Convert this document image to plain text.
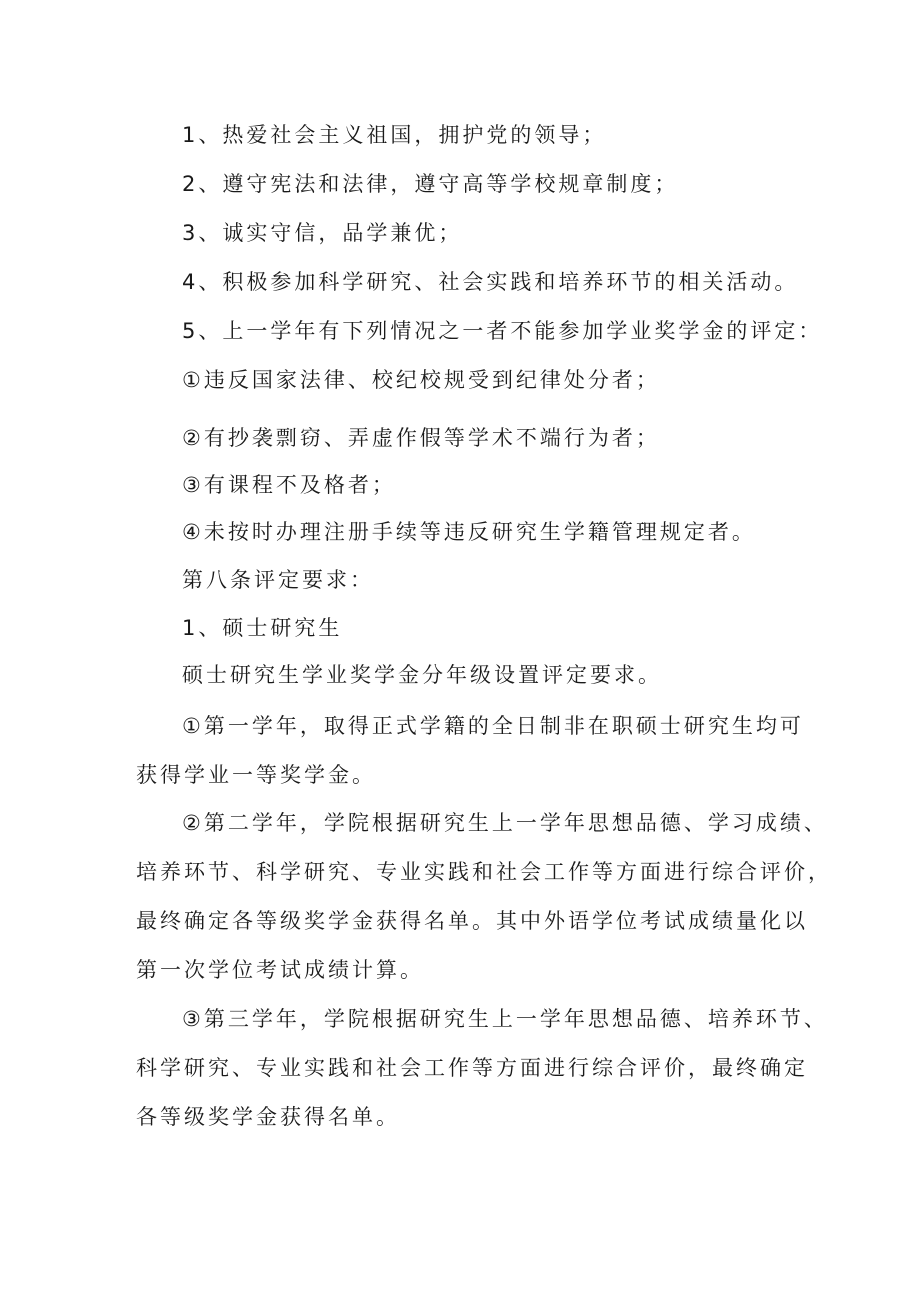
1、热爱社会主义祖国，拥护党的领导；
2、遵守宪法和法律，遵守高等学校规章制度；
3、诚实守信，品学兼优；
4、积极参加科学研究、社会实践和培养环节的相关活动。
5、上一学年有下列情况之一者不能参加学业奖学金的评定：
①违反国家法律、校纪校规受到纪律处分者；
②有抄袭剽窃、弄虚作假等学术不端行为者；
③有课程不及格者；
④未按时办理注册手续等违反研究生学籍管理规定者。
第八条评定要求：
1、硕士研究生
硕士研究生学业奖学金分年级设置评定要求。
①第一学年，取得正式学籍的全日制非在职硕士研究生均可
获得学业一等奖学金。
②第二学年，学院根据研究生上一学年思想品德、学习成绩、
培养环节、科学研究、专业实践和社会工作等方面进行综合评价，
最终确定各等级奖学金获得名单。其中外语学位考试成绩量化以
第一次学位考试成绩计算。
③第三学年，学院根据研究生上一学年思想品德、培养环节、
科学研究、专业实践和社会工作等方面进行综合评价，最终确定
各等级奖学金获得名单。
